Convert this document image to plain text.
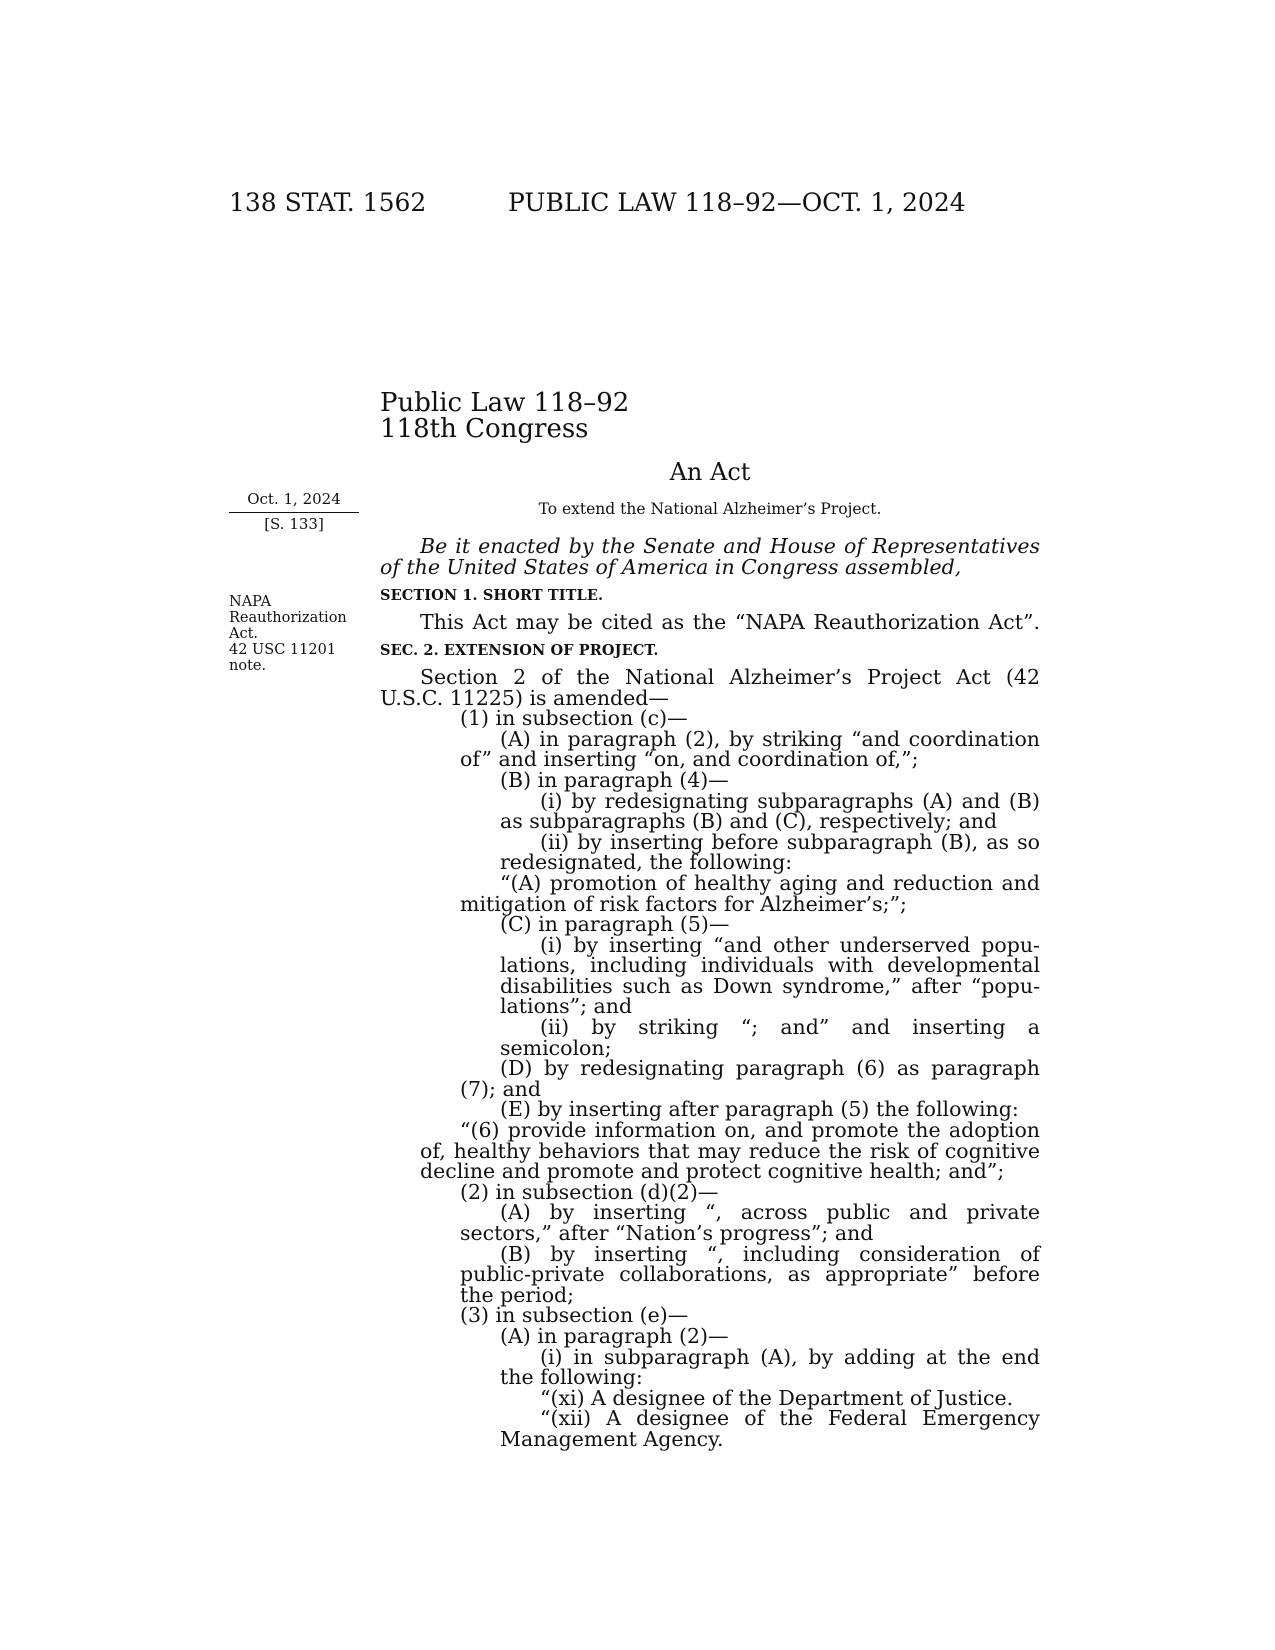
138 STAT. 1562	PUBLIC LAW 118–92—OCT. 1, 2024
Public Law 118–92
118th Congress
An Act
To extend the National Alzheimer’s Project.
Oct. 1, 2024
[S. 133]
NAPA
Reauthorization
Act.
42 USC 11201
note.

Be it enacted by the Senate and House of Representatives of the United States of America in Congress assembled,

SECTION 1. SHORT TITLE.

This Act may be cited as the “NAPA Reauthorization Act”.

SEC. 2. EXTENSION OF PROJECT.

Section 2 of the National Alzheimer’s Project Act (42 U.S.C. 11225) is amended—

(1) in subsection (c)—

(A) in paragraph (2), by striking “and coordination of” and inserting “on, and coordination of,”;

(B) in paragraph (4)—

(i) by redesignating subparagraphs (A) and (B) as subparagraphs (B) and (C), respectively; and

(ii) by inserting before subparagraph (B), as so redesignated, the following:

“(A) promotion of healthy aging and reduction and mitigation of risk factors for Alzheimer’s;”;

(C) in paragraph (5)—

(i) by inserting “and other underserved popu-lations, including individuals with developmental disabilities such as Down syndrome,” after “popu-lations”; and

(ii) by striking “; and” and inserting a semicolon;

(D) by redesignating paragraph (6) as paragraph (7); and

(E) by inserting after paragraph (5) the following:

“(6) provide information on, and promote the adoption of, healthy behaviors that may reduce the risk of cognitive decline and promote and protect cognitive health; and”;

(2) in subsection (d)(2)—

(A) by inserting “, across public and private sectors,” after “Nation’s progress”; and

(B) by inserting “, including consideration of public-private collaborations, as appropriate” before the period;

(3) in subsection (e)—

(A) in paragraph (2)—

(i) in subparagraph (A), by adding at the end the following:

“(xi) A designee of the Department of Justice.

“(xii) A designee of the Federal Emergency Management Agency.
